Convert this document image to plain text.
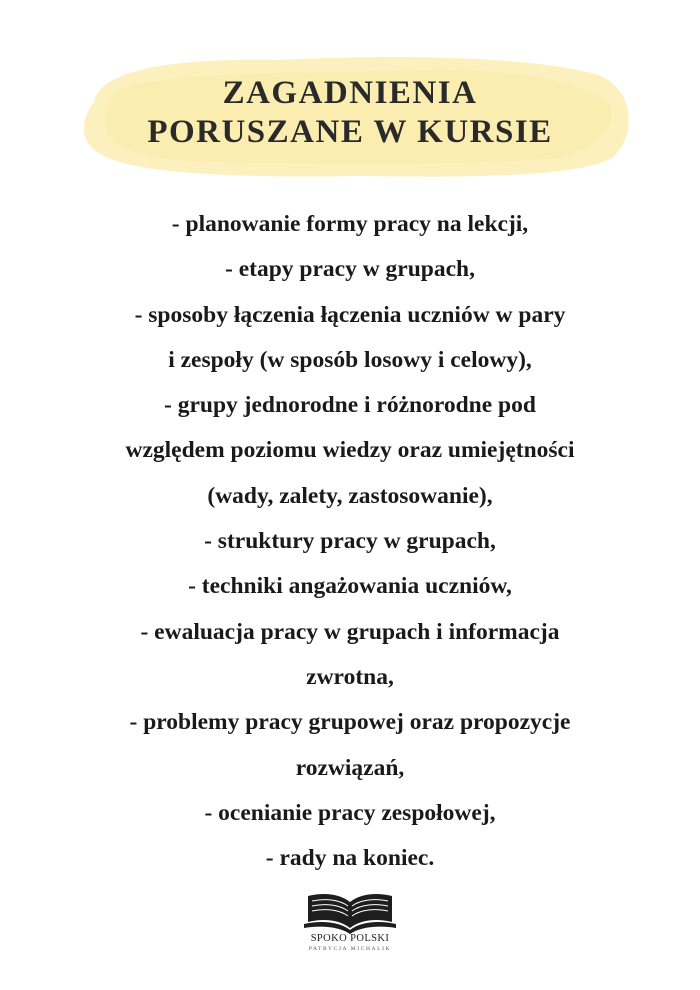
ZAGADNIENIA
PORUSZANE W KURSIE
- planowanie formy pracy na lekcji,
- etapy pracy w grupach,
- sposoby łączenia łączenia uczniów w pary
i zespoły (w sposób losowy i celowy),
- grupy jednorodne i różnorodne pod
względem poziomu wiedzy oraz umiejętności
(wady, zalety, zastosowanie),
- struktury pracy w grupach,
- techniki angażowania uczniów,
- ewaluacja pracy w grupach i informacja
zwrotna,
- problemy pracy grupowej oraz propozycje
rozwiązań,
- ocenianie pracy zespołowej,
- rady na koniec.
SPOKO POLSKI
PATRYCJA MICHALIK
